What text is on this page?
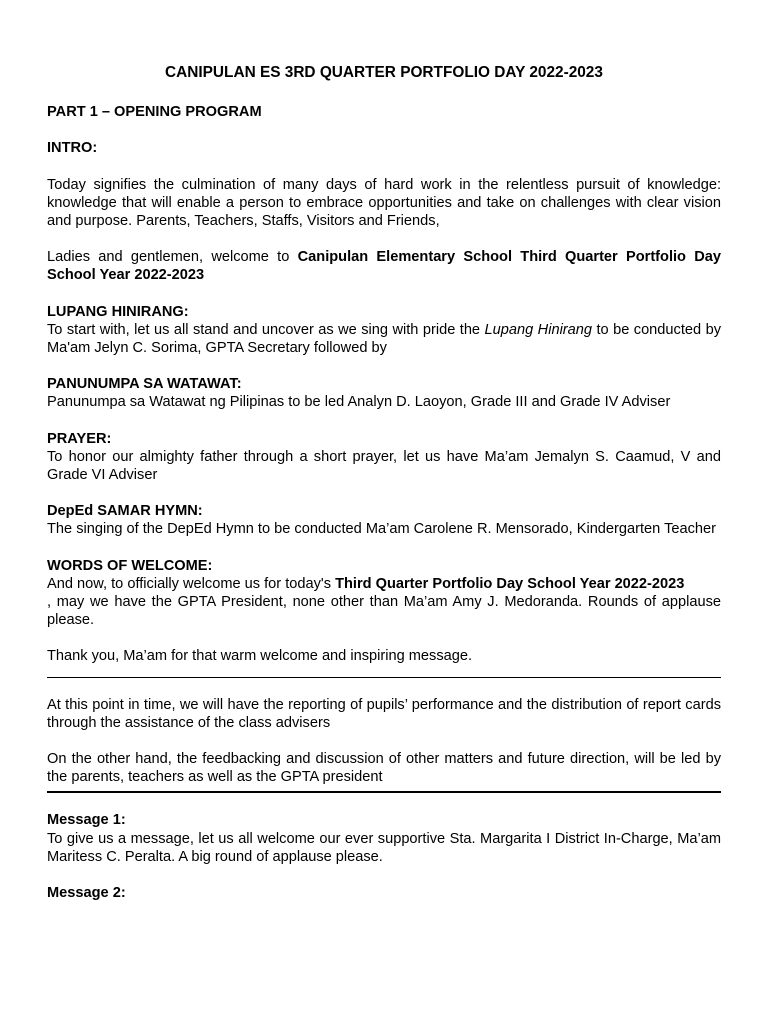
CANIPULAN ES 3RD QUARTER PORTFOLIO DAY 2022-2023

PART 1 – OPENING PROGRAM

INTRO:

Today signifies the culmination of many days of hard work in the relentless pursuit of knowledge: knowledge that will enable a person to embrace opportunities and take on challenges with clear vision and purpose. Parents, Teachers, Staffs, Visitors and Friends,

Ladies and gentlemen, welcome to Canipulan Elementary School Third Quarter Portfolio Day School Year 2022-2023

LUPANG HINIRANG:

To start with, let us all stand and uncover as we sing with pride the Lupang Hinirang to be conducted by Ma'am Jelyn C. Sorima, GPTA Secretary followed by

PANUNUMPA SA WATAWAT:

Panunumpa sa Watawat ng Pilipinas to be led Analyn D. Laoyon, Grade III and Grade IV Adviser

PRAYER:

To honor our almighty father through a short prayer, let us have Ma’am Jemalyn S. Caamud, V and Grade VI Adviser

DepEd SAMAR HYMN:

The singing of the DepEd Hymn to be conducted Ma’am Carolene R. Mensorado, Kindergarten Teacher

WORDS OF WELCOME:

And now, to officially welcome us for today's Third Quarter Portfolio Day School Year 2022-2023
, may we have the GPTA President, none other than Ma’am Amy J. Medoranda. Rounds of applause please.

Thank you, Ma’am for that warm welcome and inspiring message.

At this point in time, we will have the reporting of pupils’ performance and the distribution of report cards through the assistance of the class advisers

On the other hand, the feedbacking and discussion of other matters and future direction, will be led by the parents, teachers as well as the GPTA president

Message 1:

To give us a message, let us all welcome our ever supportive Sta. Margarita I District In-Charge, Ma’am Maritess C. Peralta. A big round of applause please.

Message 2:
